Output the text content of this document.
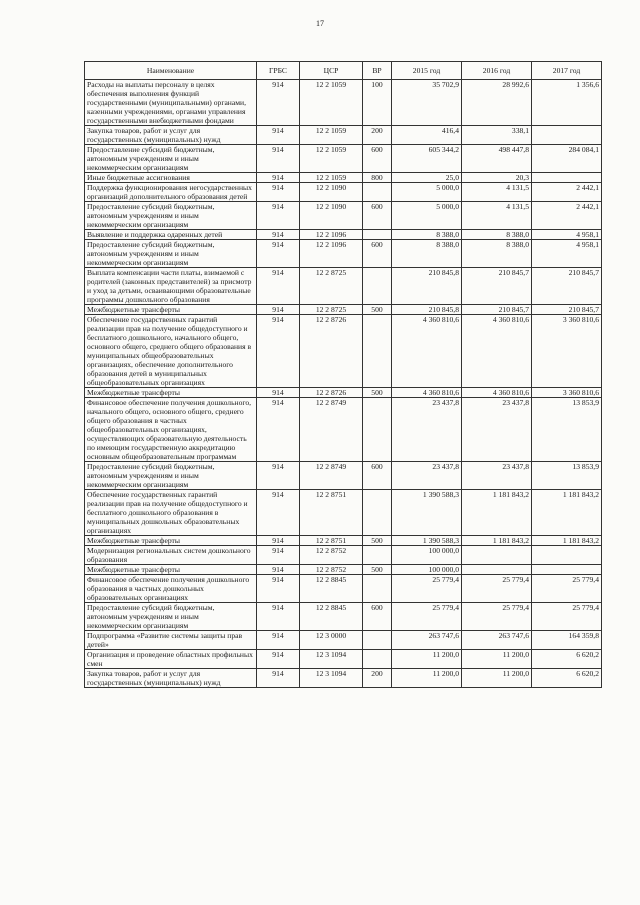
17
Наименование	ГРБС	ЦСР	ВР	2015 год	2016 год	2017 год
Расходы на выплаты персоналу в целях обеспечения выполнения функций государственными (муниципальными) органами, казенными учреждениями, органами управления государственными внебюджетными фондами	914	12 2 1059	100	35 702,9	28 992,6	1 356,6
Закупка товаров, работ и услуг для государственных (муниципальных) нужд	914	12 2 1059	200	416,4	338,1	
Предоставление субсидий бюджетным, автономным учреждениям и иным некоммерческим организациям	914	12 2 1059	600	605 344,2	498 447,8	284 084,1
Иные бюджетные ассигнования	914	12 2 1059	800	25,0	20,3	
Поддержка функционирования негосударственных организаций дополнительного образования детей	914	12 2 1090		5 000,0	4 131,5	2 442,1
Предоставление субсидий бюджетным, автономным учреждениям и иным некоммерческим организациям	914	12 2 1090	600	5 000,0	4 131,5	2 442,1
Выявление и поддержка одаренных детей	914	12 2 1096		8 388,0	8 388,0	4 958,1
Предоставление субсидий бюджетным, автономным учреждениям и иным некоммерческим организациям	914	12 2 1096	600	8 388,0	8 388,0	4 958,1
Выплата компенсации части платы, взимаемой с родителей (законных представителей) за присмотр и уход за детьми, осваивающими образовательные программы дошкольного образования	914	12 2 8725		210 845,8	210 845,7	210 845,7
Межбюджетные трансферты	914	12 2 8725	500	210 845,8	210 845,7	210 845,7
Обеспечение государственных гарантий реализации прав на получение общедоступного и бесплатного дошкольного, начального общего, основного общего, среднего общего образования в муниципальных общеобразовательных организациях, обеспечение дополнительного образования детей в муниципальных общеобразовательных организациях	914	12 2 8726		4 360 810,6	4 360 810,6	3 360 810,6
Межбюджетные трансферты	914	12 2 8726	500	4 360 810,6	4 360 810,6	3 360 810,6
Финансовое обеспечение получения дошкольного, начального общего, основного общего, среднего общего образования в частных общеобразовательных организациях, осуществляющих образовательную деятельность по имеющим государственную аккредитацию основным общеобразовательным программам	914	12 2 8749		23 437,8	23 437,8	13 853,9
Предоставление субсидий бюджетным, автономным учреждениям и иным некоммерческим организациям	914	12 2 8749	600	23 437,8	23 437,8	13 853,9
Обеспечение государственных гарантий реализации прав на получение общедоступного и бесплатного дошкольного образования в муниципальных дошкольных образовательных организациях	914	12 2 8751		1 390 588,3	1 181 843,2	1 181 843,2
Межбюджетные трансферты	914	12 2 8751	500	1 390 588,3	1 181 843,2	1 181 843,2
Модернизация региональных систем дошкольного образования	914	12 2 8752		100 000,0		
Межбюджетные трансферты	914	12 2 8752	500	100 000,0		
Финансовое обеспечение получения дошкольного образования в частных дошкольных образовательных организациях	914	12 2 8845		25 779,4	25 779,4	25 779,4
Предоставление субсидий бюджетным, автономным учреждениям и иным некоммерческим организациям	914	12 2 8845	600	25 779,4	25 779,4	25 779,4
Подпрограмма «Развитие системы защиты прав детей»	914	12 3 0000		263 747,6	263 747,6	164 359,8
Организация и проведение областных профильных смен	914	12 3 1094		11 200,0	11 200,0	6 620,2
Закупка товаров, работ и услуг для государственных (муниципальных) нужд	914	12 3 1094	200	11 200,0	11 200,0	6 620,2
